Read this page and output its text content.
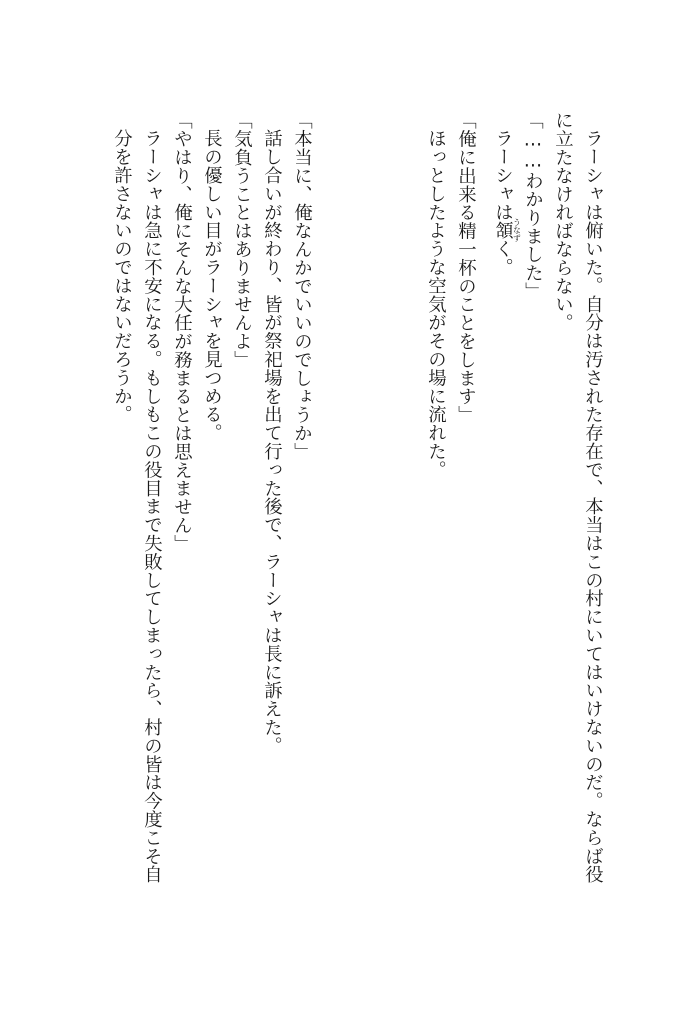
ラーシャは俯いた。自分は汚された存在で、本当はこの村にいてはいけないのだ。ならば役
に立たなければならない。
「……わかりました」
ラーシャは頷 うなずく。
「俺に出来る精一杯のことをします」
ほっとしたような空気がその場に流れた。
「本当に、俺なんかでいいのでしょうか」
話し合いが終わり、皆が祭祀場を出て行った後で、ラーシャは長に訴えた。
「気負うことはありませんよ」
長の優しい目がラーシャを見つめる。
「やはり、俺にそんな大任が務まるとは思えません」
ラーシャは急に不安になる。もしもこの役目まで失敗してしまったら、村の皆は今度こそ自
分を許さないのではないだろうか。
